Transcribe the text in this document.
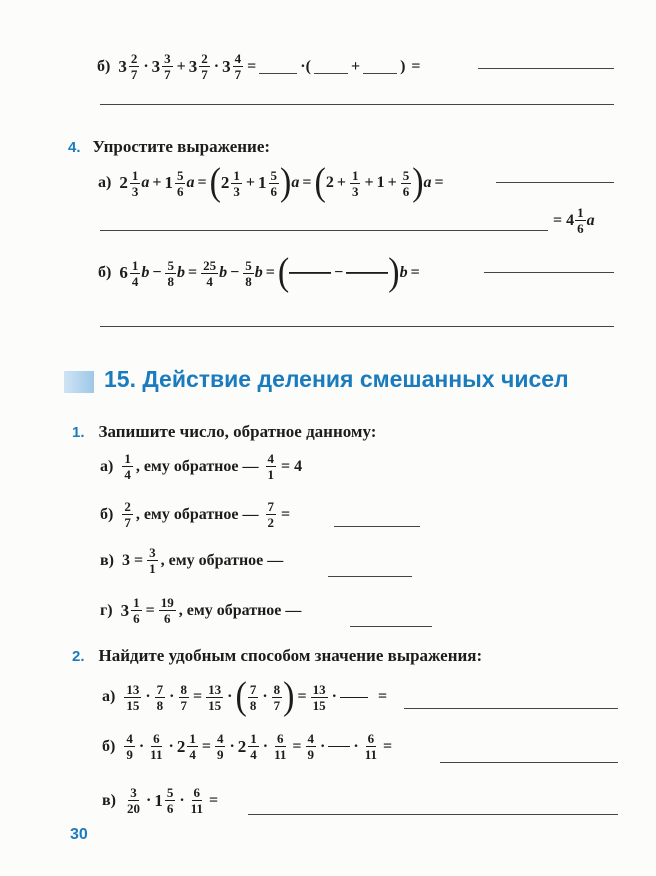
б) 3 2
7 · 3 3
7 + 3 2
7 · 3 4
7 =	·(	+	) =
4. Упростите выражение:
а) 2 1
3 a + 1 5
6 a = ( 2 1
3 + 1 5
6 ) a = ( $2 + \frac{1}{3} + 1 + \frac{5}{6}$ ) a =
= 4 1
6 a
б) 6 1
4 $b - \frac{5}{8}$ $b = \frac{25}{4}$ $b - \frac{5}{8}$ b = (	− ) b =
15. Действие деления смешанных чисел
1. Запишите число, обратное данному:
а) 1
4 , ему обратное — $\frac{4}{1} = 4$
б) 2
7 , ему обратное — $\frac{7}{2}$ =
в) $3 = \frac{3}{1}$ , ему обратное —
г) 3 1
$6 = \frac{19}{6}$ , ему обратное —
2. Найдите удобным способом значение выражения:
а) 13
15 · 7
$8 \cdot \frac{8}{7} = \frac{13}{15}$ · ( 7
8 · 8
7 ) = $\frac{13}{15}$ ·	=
б) 4
9 · 6
11 · 2 1
$4 = \frac{4}{9} \cdot 2$ 1
$4 \cdot \frac{6}{11} = \frac{4}{9}$ · · $\frac{6}{11}$ =
в) 3
20 · 1 5
$6 \cdot \frac{6}{11}$ =
30
